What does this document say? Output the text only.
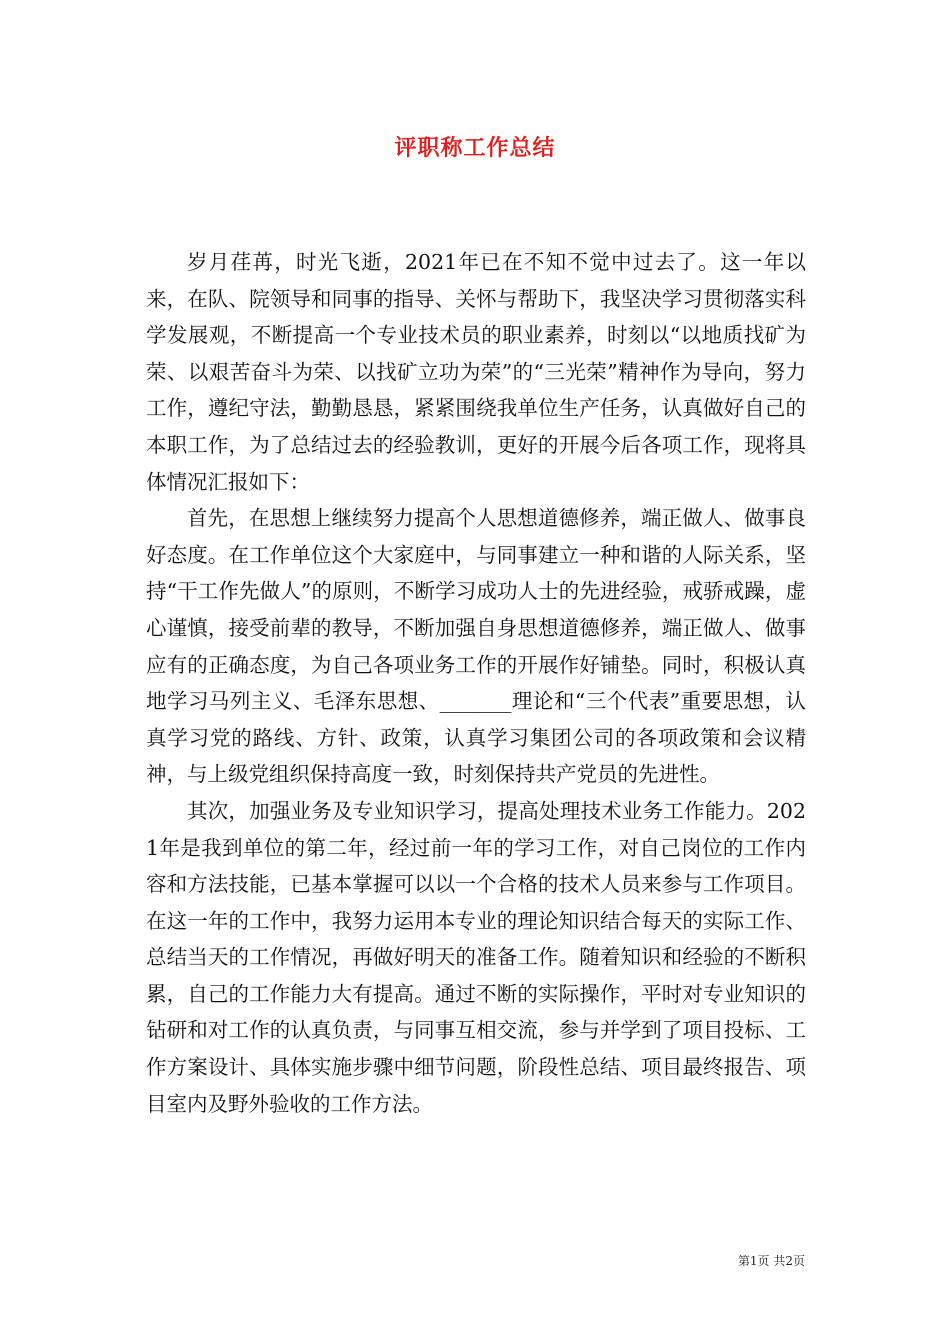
评职称工作总结

岁月荏苒，时光飞逝，2021年已在不知不觉中过去了。这一年以来，在队、院领导和同事的指导、关怀与帮助下，我坚决学习贯彻落实科学发展观，不断提高一个专业技术员的职业素养，时刻以“以地质找矿为荣、以艰苦奋斗为荣、以找矿立功为荣”的“三光荣”精神作为导向，努力工作，遵纪守法，勤勤恳恳，紧紧围绕我单位生产任务，认真做好自己的本职工作，为了总结过去的经验教训，更好的开展今后各项工作，现将具体情况汇报如下：

首先，在思想上继续努力提高个人思想道德修养，端正做人、做事良好态度。在工作单位这个大家庭中，与同事建立一种和谐的人际关系，坚持“干工作先做人”的原则，不断学习成功人士的先进经验，戒骄戒躁，虚心谨慎，接受前辈的教导，不断加强自身思想道德修养，端正做人、做事应有的正确态度，为自己各项业务工作的开展作好铺垫。同时，积极认真地学习马列主义、毛泽东思想、_______理论和“三个代表”重要思想，认真学习党的路线、方针、政策，认真学习集团公司的各项政策和会议精神，与上级党组织保持高度一致，时刻保持共产党员的先进性。

其次，加强业务及专业知识学习，提高处理技术业务工作能力。2021年是我到单位的第二年，经过前一年的学习工作，对自己岗位的工作内容和方法技能，已基本掌握可以以一个合格的技术人员来参与工作项目。在这一年的工作中，我努力运用本专业的理论知识结合每天的实际工作、总结当天的工作情况，再做好明天的准备工作。随着知识和经验的不断积累，自己的工作能力大有提高。通过不断的实际操作，平时对专业知识的钻研和对工作的认真负责，与同事互相交流，参与并学到了项目投标、工作方案设计、具体实施步骤中细节问题，阶段性总结、项目最终报告、项目室内及野外验收的工作方法。

第1页 共2页
